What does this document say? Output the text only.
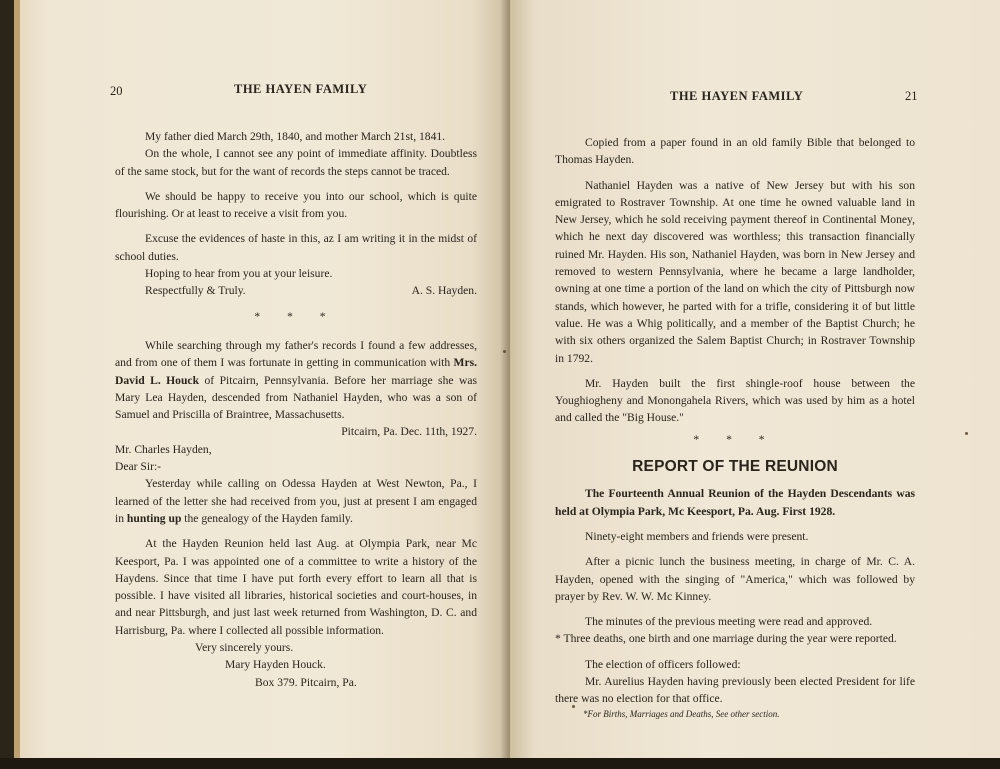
20	THE HAYEN FAMILY

My father died March 29th, 1840, and mother March 21st, 1841.

On the whole, I cannot see any point of immediate affinity. Doubtless of the same stock, but for the want of records the steps cannot be traced.

We should be happy to receive you into our school, which is quite flourishing. Or at least to receive a visit from you.

Excuse the evidences of haste in this, az I am writing it in the midst of school duties.

Hoping to hear from you at your leisure.

Respectfully & Truly.	A. S. Hayden.

* * *

While searching through my father's records I found a few addresses, and from one of them I was fortunate in getting in communication with Mrs. David L. Houck of Pitcairn, Pennsylvania. Before her marriage she was Mary Lea Hayden, descended from Nathaniel Hayden, who was a son of Samuel and Priscilla of Braintree, Massachusetts.

Pitcairn, Pa. Dec. 11th, 1927.

Mr. Charles Hayden,

Dear Sir:-

Yesterday while calling on Odessa Hayden at West Newton, Pa., I learned of the letter she had received from you, just at present I am engaged in hunting up the genealogy of the Hayden family.

At the Hayden Reunion held last Aug. at Olympia Park, near Mc Keesport, Pa. I was appointed one of a committee to write a history of the Haydens. Since that time I have put forth every effort to learn all that is possible. I have visited all libraries, historical societies and court-houses, in and near Pittsburgh, and just last week returned from Washington, D. C. and Harrisburg, Pa. where I collected all possible information.

Very sincerely yours.

Mary Hayden Houck.

Box 379. Pitcairn, Pa.

THE HAYEN FAMILY	21

Copied from a paper found in an old family Bible that belonged to Thomas Hayden.

Nathaniel Hayden was a native of New Jersey but with his son emigrated to Rostraver Township. At one time he owned valuable land in New Jersey, which he sold receiving payment thereof in Continental Money, which he next day discovered was worthless; this transaction financially ruined Mr. Hayden. His son, Nathaniel Hayden, was born in New Jersey and removed to western Pennsylvania, where he became a large landholder, owning at one time a portion of the land on which the city of Pittsburgh now stands, which however, he parted with for a trifle, considering it of but little value. He was a Whig politically, and a member of the Baptist Church; he with six others organized the Salem Baptist Church; in Rostraver Township in 1792.

Mr. Hayden built the first shingle-roof house between the Youghiogheny and Monongahela Rivers, which was used by him as a hotel and called the "Big House."

* * *

REPORT OF THE REUNION

The Fourteenth Annual Reunion of the Hayden Descendants was held at Olympia Park, Mc Keesport, Pa. Aug. First 1928.

Ninety-eight members and friends were present.

After a picnic lunch the business meeting, in charge of Mr. C. A. Hayden, opened with the singing of "America," which was followed by prayer by Rev. W. W. Mc Kinney.

The minutes of the previous meeting were read and approved.

* Three deaths, one birth and one marriage during the year were reported.

The election of officers followed:

Mr. Aurelius Hayden having previously been elected President for life there was no election for that office.

*For Births, Marriages and Deaths, See other section.
